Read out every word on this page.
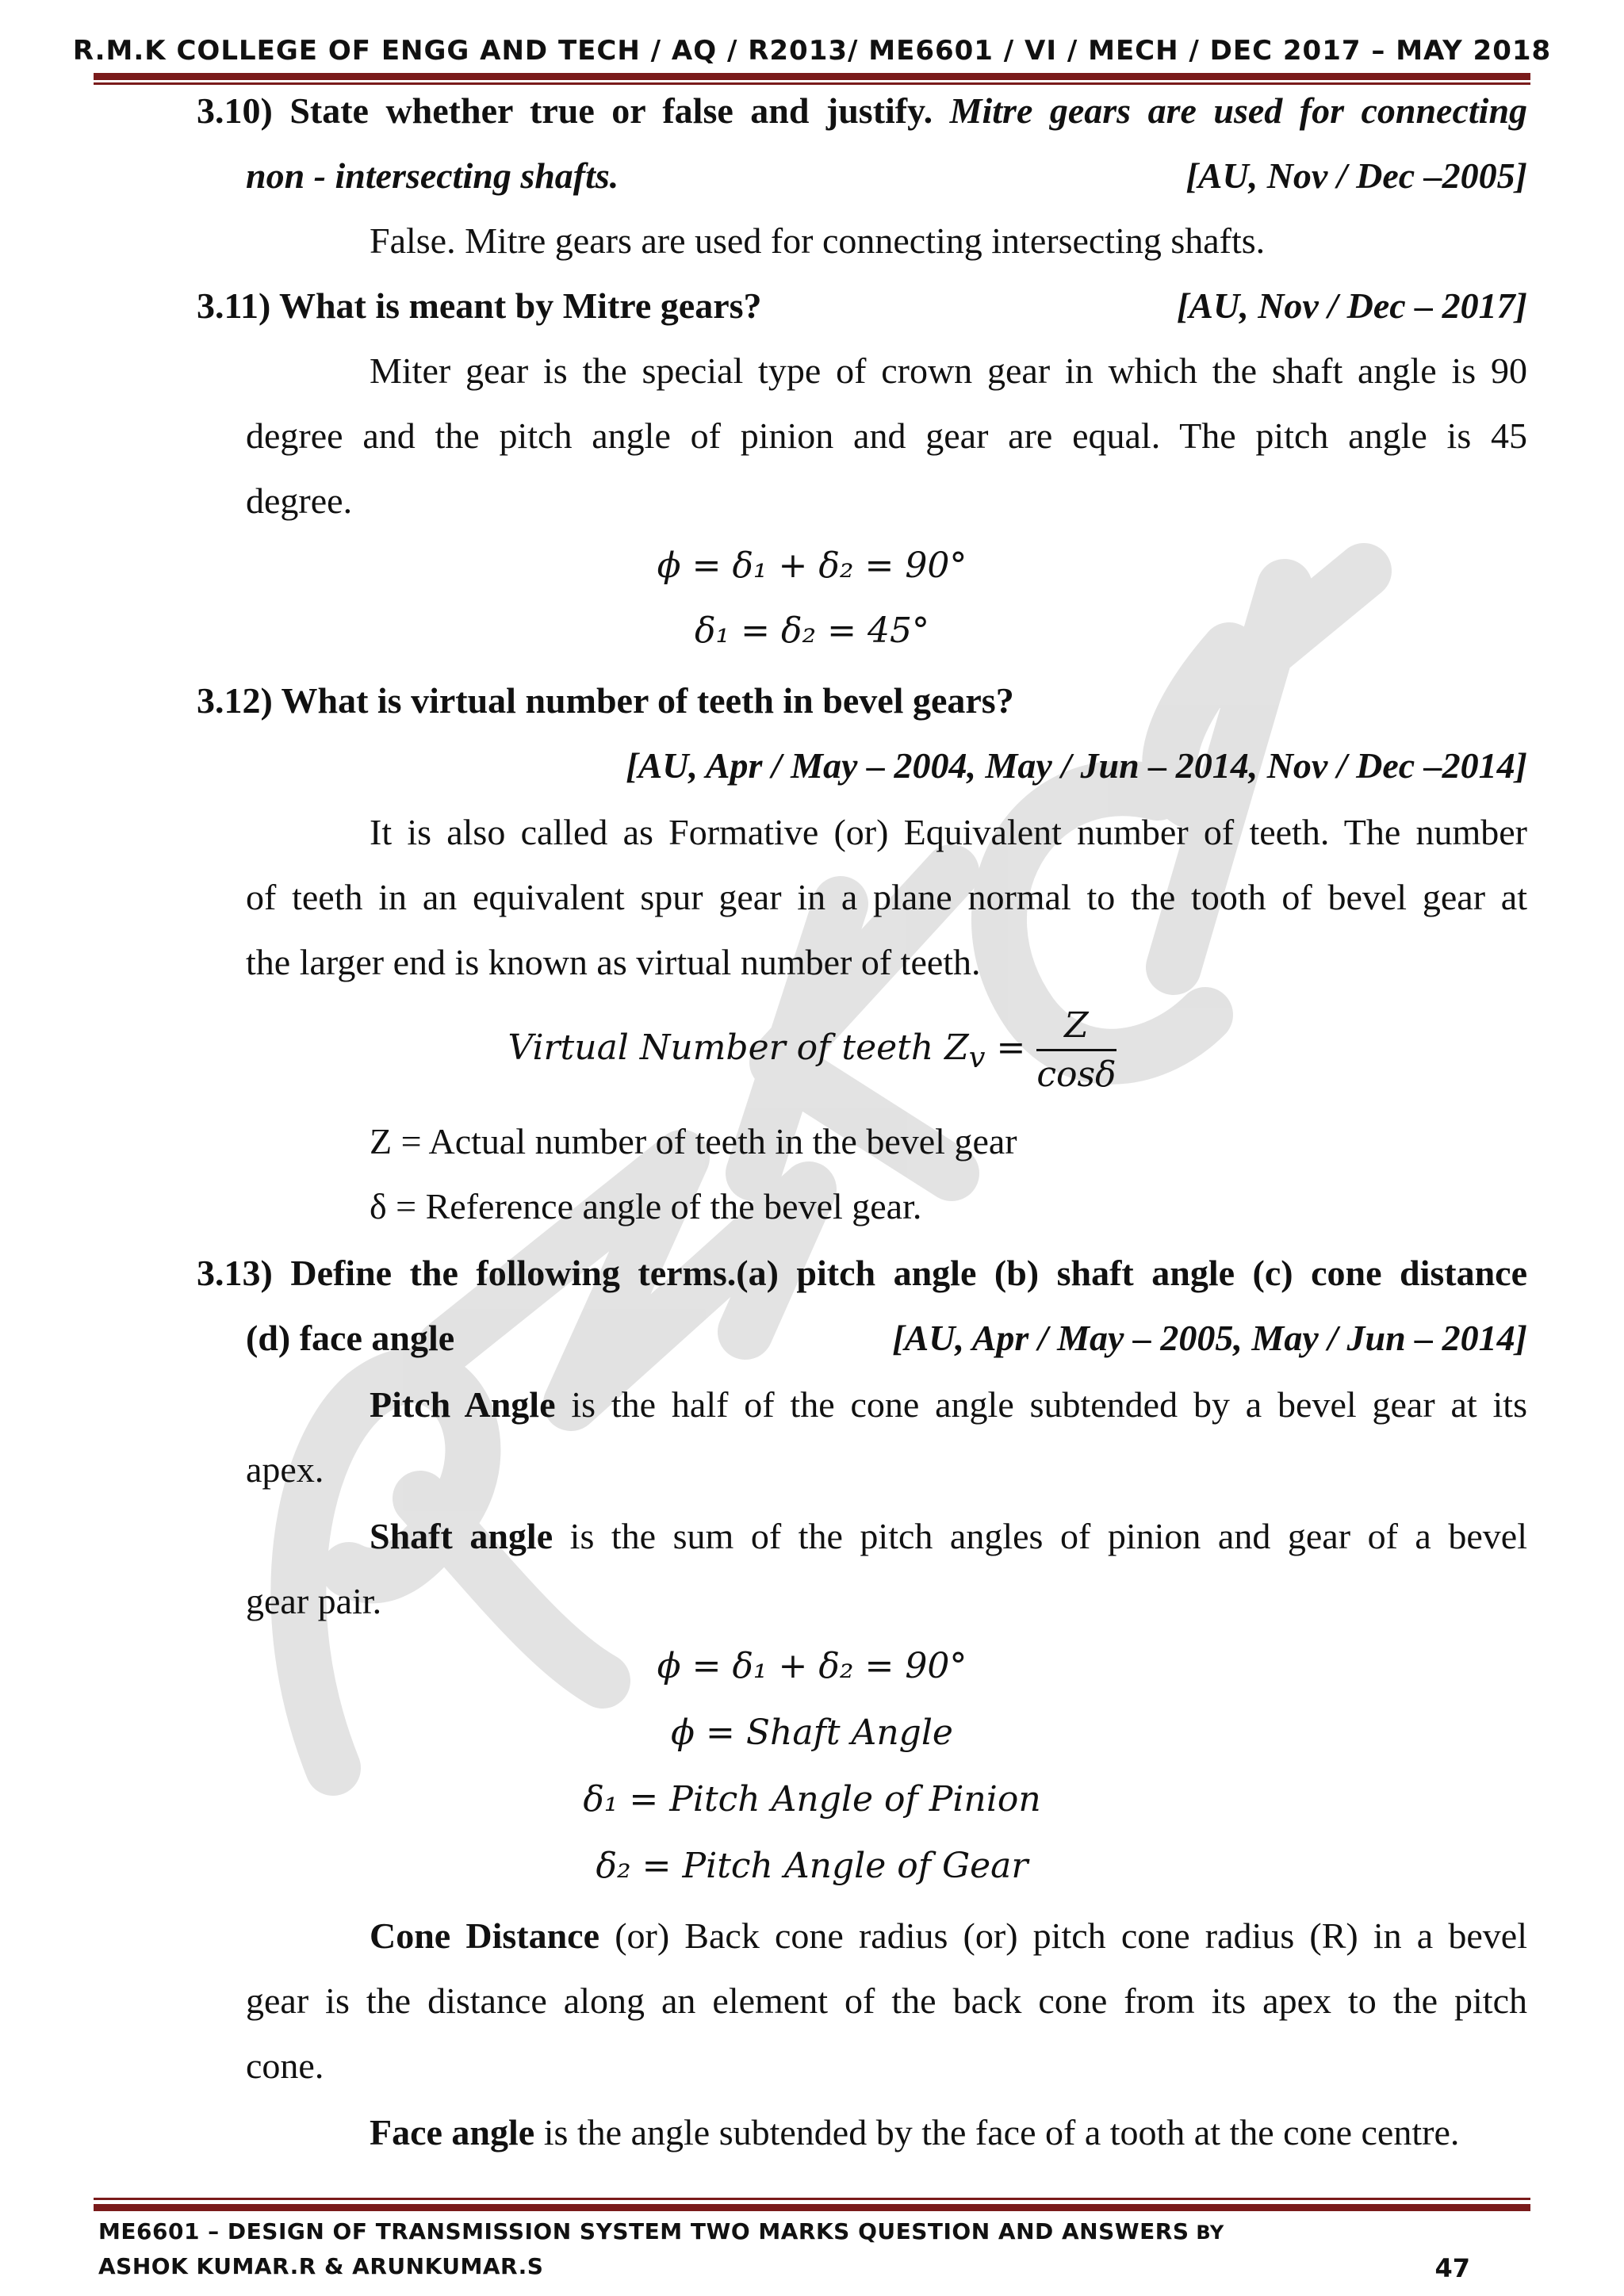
R.M.K COLLEGE OF ENGG AND TECH / AQ / R2013/ ME6601 / VI / MECH / DEC 2017 – MAY 2018
3.10) State whether true or false and justify. Mitre gears are used for connecting
non - intersecting shafts.	[AU, Nov / Dec –2005]
False. Mitre gears are used for connecting intersecting shafts.
3.11) What is meant by Mitre gears?	[AU, Nov / Dec – 2017]
Miter gear is the special type of crown gear in which the shaft angle is 90
degree and the pitch angle of pinion and gear are equal. The pitch angle is 45
degree.
ϕ = δ₁ + δ₂ = 90°
δ₁ = δ₂ = 45°
3.12) What is virtual number of teeth in bevel gears?
[AU, Apr / May – 2004, May / Jun – 2014, Nov / Dec –2014]
It is also called as Formative (or) Equivalent number of teeth. The number
of teeth in an equivalent spur gear in a plane normal to the tooth of bevel gear at
the larger end is known as virtual number of teeth.
Virtual Number of teeth $Z_v = \frac{Z}{\cos\delta}$
Z = Actual number of teeth in the bevel gear
δ = Reference angle of the bevel gear.
3.13) Define the following terms.(a) pitch angle (b) shaft angle (c) cone distance
(d) face angle	[AU, Apr / May – 2005, May / Jun – 2014]
Pitch Angle is the half of the cone angle subtended by a bevel gear at its
apex.
Shaft angle is the sum of the pitch angles of pinion and gear of a bevel
gear pair.
ϕ = δ₁ + δ₂ = 90°
ϕ = Shaft Angle
δ₁ = Pitch Angle of Pinion
δ₂ = Pitch Angle of Gear
Cone Distance (or) Back cone radius (or) pitch cone radius (R) in a bevel
gear is the distance along an element of the back cone from its apex to the pitch
cone.
Face angle is the angle subtended by the face of a tooth at the cone centre.
ME6601 – DESIGN OF TRANSMISSION SYSTEM TWO MARKS QUESTION AND ANSWERS BY
ASHOK KUMAR.R & ARUNKUMAR.S	47
